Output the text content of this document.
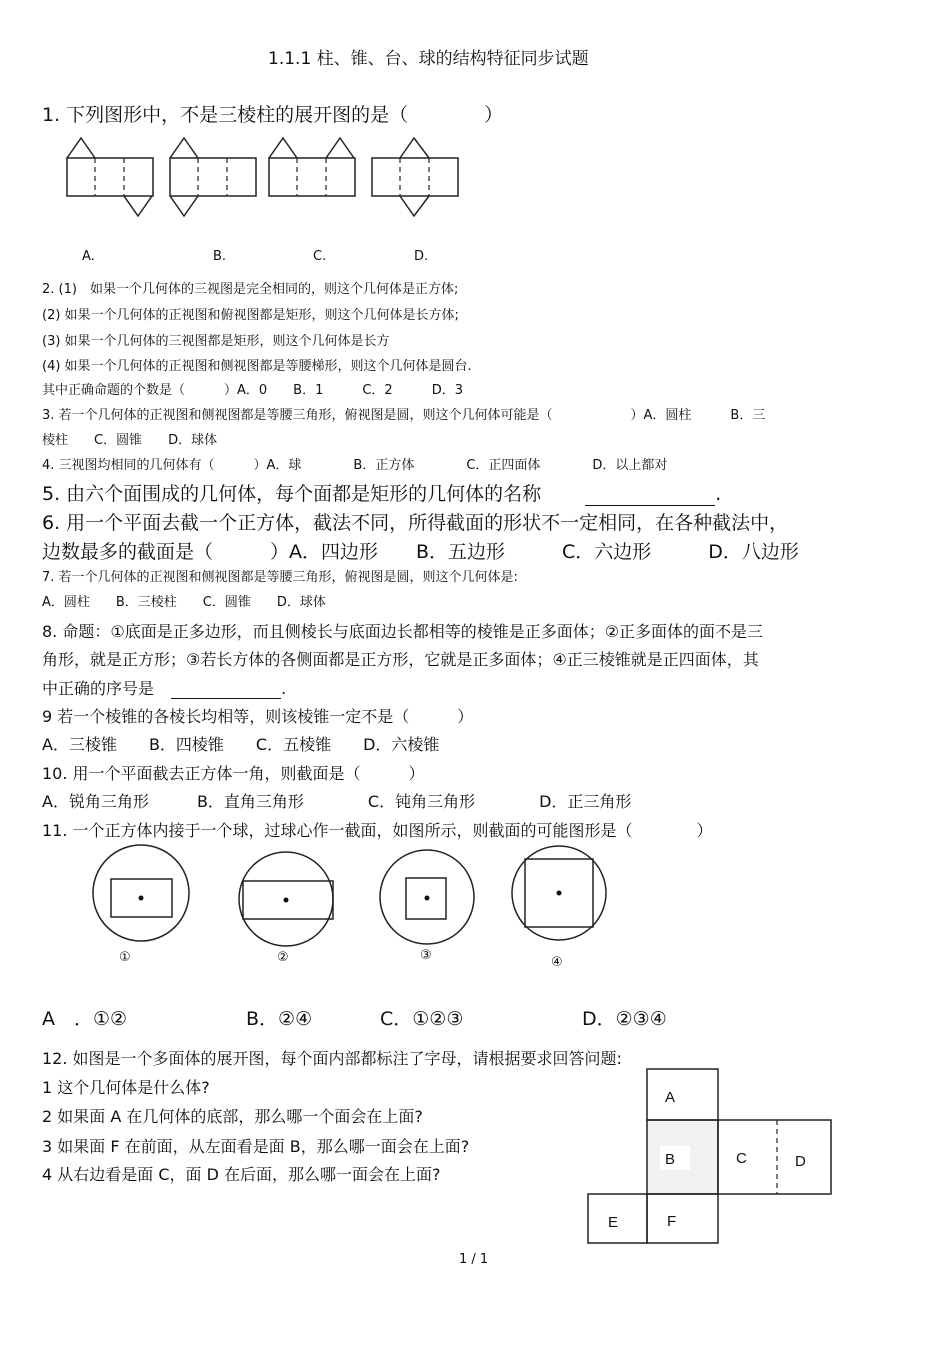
1.1.1 柱、锥、台、球的结构特征同步试题
1. 下列图形中，不是三棱柱的展开图的是（　　　　）
A.	B.	C.	D.
2. (1)　如果一个几何体的三视图是完全相同的，则这个几何体是正方体;
(2) 如果一个几何体的正视图和俯视图都是矩形，则这个几何体是长方体;
(3) 如果一个几何体的三视图都是矩形，则这个几何体是长方
(4) 如果一个几何体的正视图和侧视图都是等腰梯形，则这个几何体是圆台.
其中正确命题的个数是（　　　）A．0　　B．1　　　C．2　　　D．3
3. 若一个几何体的正视图和侧视图都是等腰三角形，俯视图是圆，则这个几何体可能是（　　　　　　）A．圆柱　　　B．三
棱柱　　C．圆锥　　D．球体
4. 三视图均相同的几何体有（　　　）A．球　　　　B．正方体　　　　C．正四面体　　　　D．以上都对
5. 由六个面围成的几何体，每个面都是矩形的几何体的名称	.
6. 用一个平面去截一个正方体，截法不同，所得截面的形状不一定相同，在各种截法中，
边数最多的截面是（　　　）A．四边形　　B．五边形　　　C．六边形　　　D．八边形
7. 若一个几何体的正视图和侧视图都是等腰三角形，俯视图是圆，则这个几何体是:
A．圆柱　　B．三棱柱　　C．圆锥　　D．球体
8. 命题：①底面是正多边形，而且侧棱长与底面边长都相等的棱锥是正多面体；②正多面体的面不是三
角形，就是正方形；③若长方体的各侧面都是正方形，它就是正多面体；④正三棱锥就是正四面体，其
中正确的序号是	.
9 若一个棱锥的各棱长均相等，则该棱锥一定不是（　　　）
A．三棱锥　　B．四棱锥　　C．五棱锥　　D．六棱锥
10. 用一个平面截去正方体一角，则截面是（　　　）
A．锐角三角形　　　B．直角三角形　　　　C．钝角三角形　　　　D．正三角形
11. 一个正方体内接于一个球，过球心作一截面，如图所示，则截面的可能图形是（　　　　）
①	②	③	④
A　．①②	B．②④	C．①②③	D．②③④
12. 如图是一个多面体的展开图，每个面内部都标注了字母，请根据要求回答问题:
1 这个几何体是什么体?
2 如果面 A 在几何体的底部，那么哪一个面会在上面?
3 如果面 F 在前面，从左面看是面 B，那么哪一面会在上面?
4 从右边看是面 C，面 D 在后面，那么哪一面会在上面?
A
B	C	D
E	F
1 / 1
